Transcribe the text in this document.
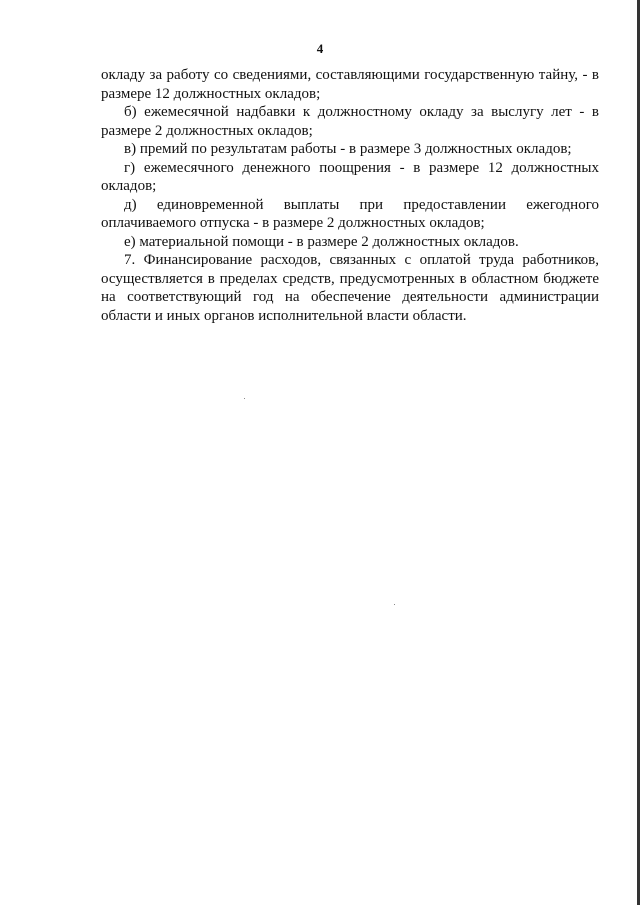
4

окладу за работу со сведениями, составляющими государственную тайну, - в размере 12 должностных окладов;

б) ежемесячной надбавки к должностному окладу за выслугу лет - в размере 2 должностных окладов;

в) премий по результатам работы - в размере 3 должностных окладов;

г) ежемесячного денежного поощрения - в размере 12 должностных окладов;

д) единовременной выплаты при предоставлении ежегодного оплачиваемого отпуска - в размере 2 должностных окладов;

е) материальной помощи - в размере 2 должностных окладов.

7. Финансирование расходов, связанных с оплатой труда работников, осуществляется в пределах средств, предусмотренных в областном бюджете на соответствующий год на обеспечение деятельности администрации области и иных органов исполнительной власти области.
